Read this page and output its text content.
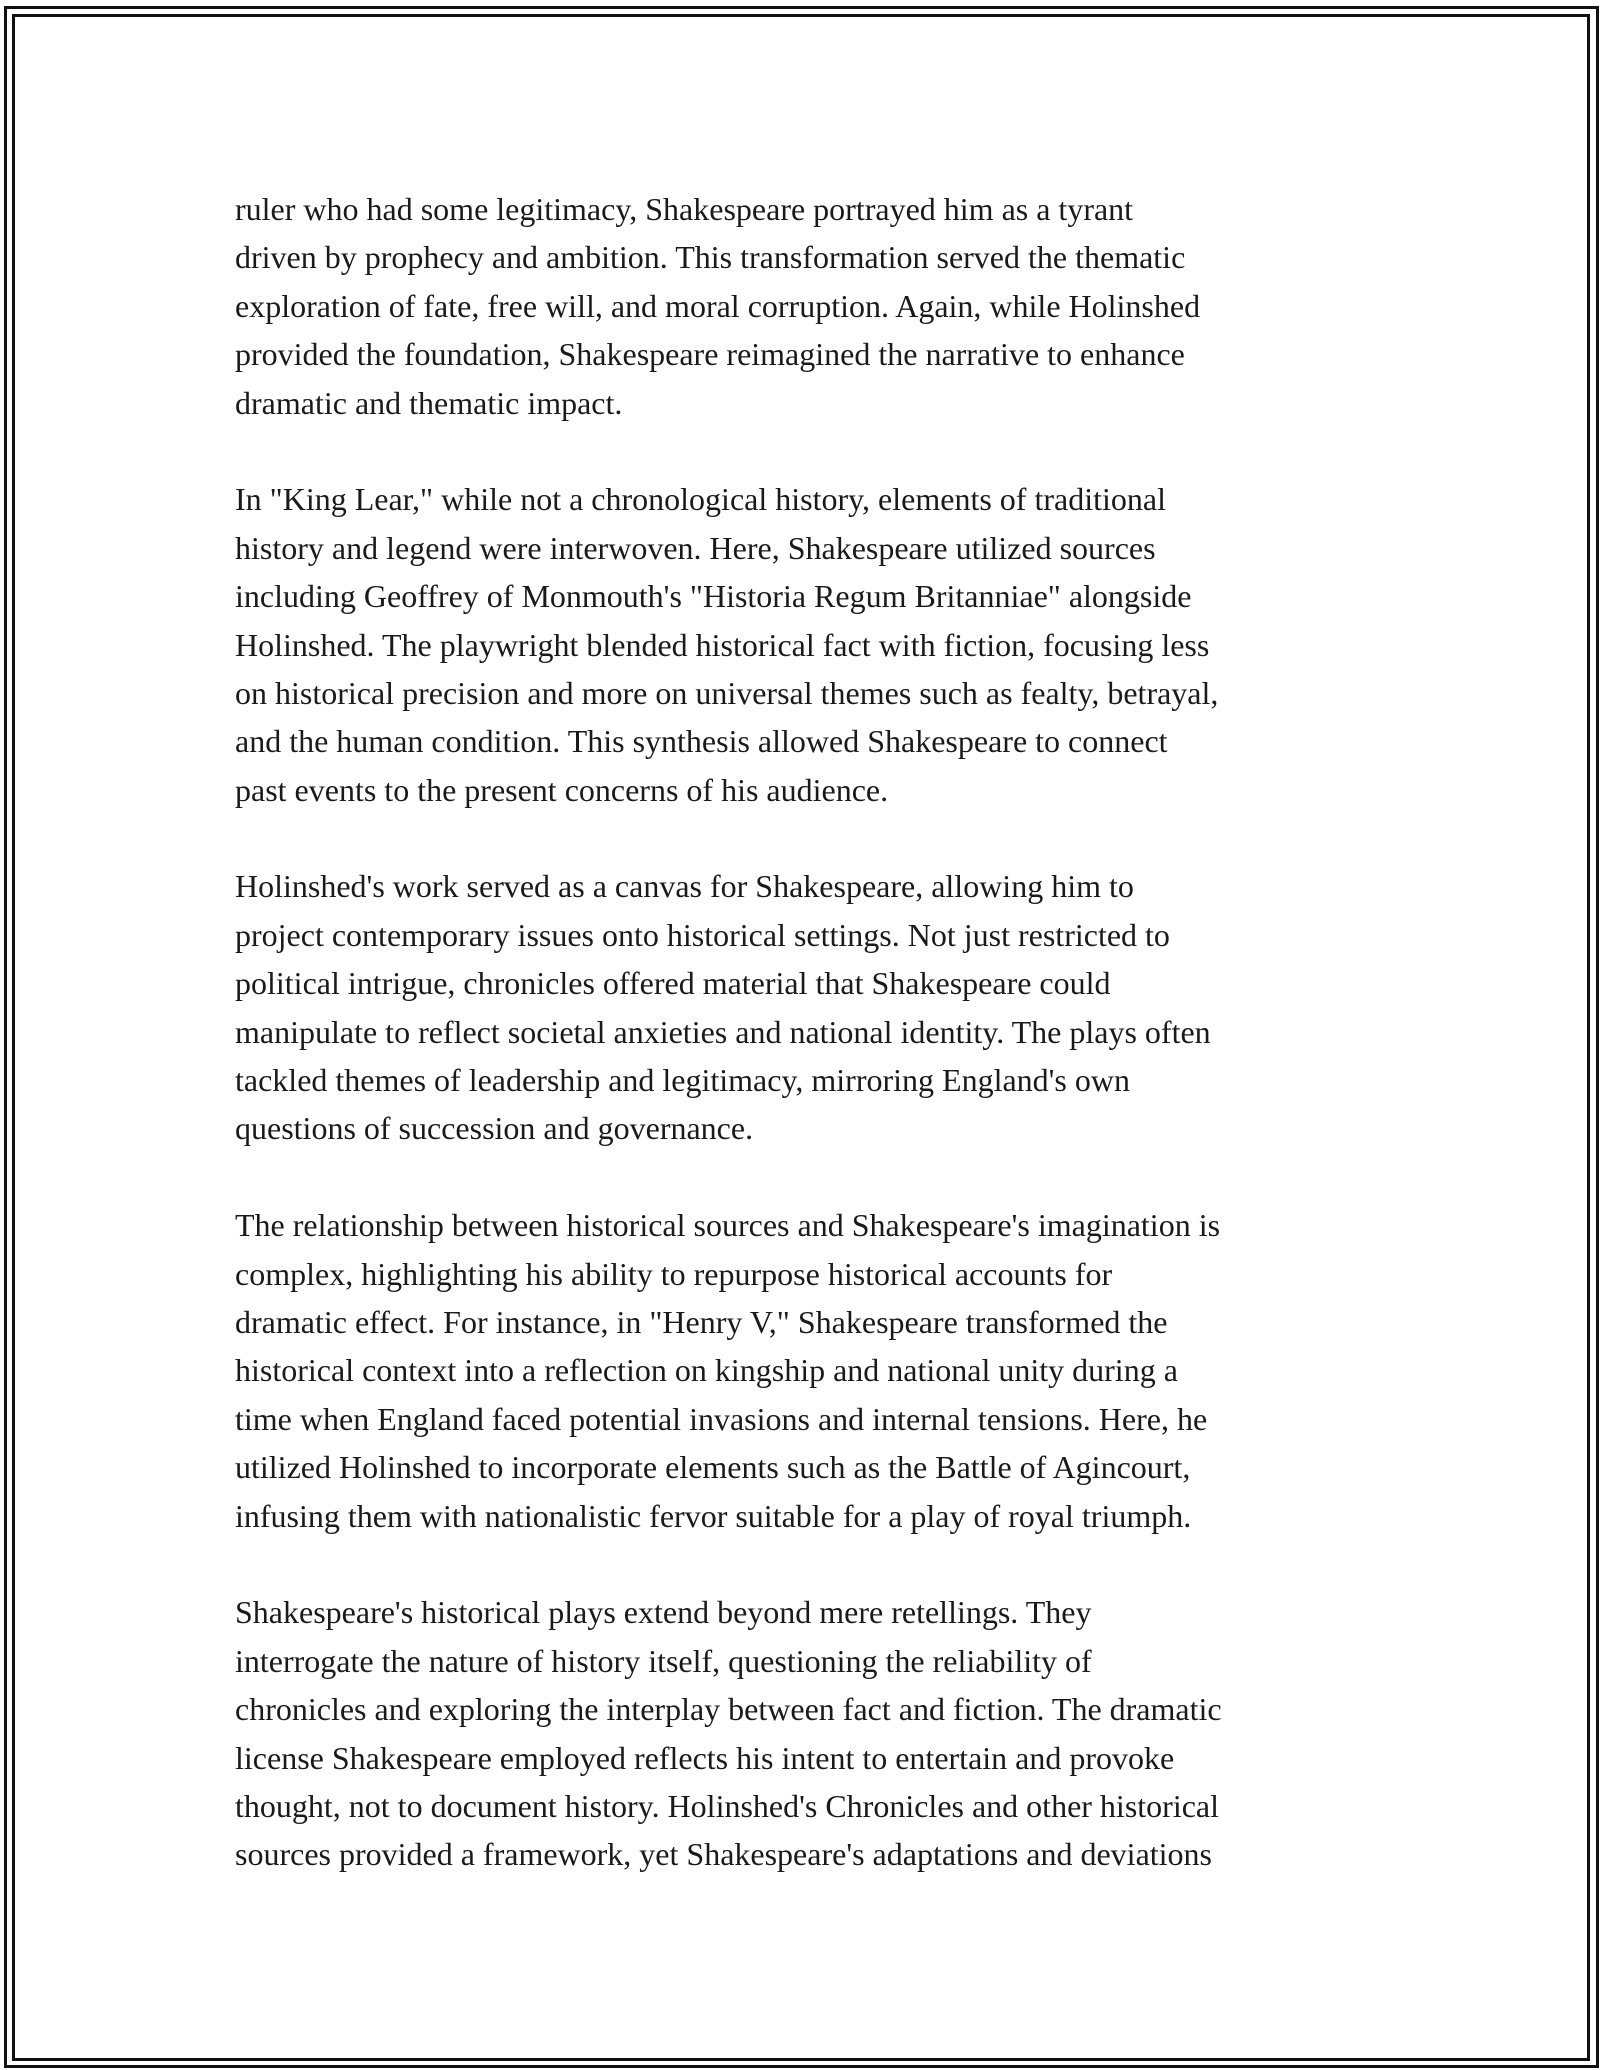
ruler who had some legitimacy, Shakespeare portrayed him as a tyrant
driven by prophecy and ambition. This transformation served the thematic
exploration of fate, free will, and moral corruption. Again, while Holinshed
provided the foundation, Shakespeare reimagined the narrative to enhance
dramatic and thematic impact.

In "King Lear," while not a chronological history, elements of traditional
history and legend were interwoven. Here, Shakespeare utilized sources
including Geoffrey of Monmouth's "Historia Regum Britanniae" alongside
Holinshed. The playwright blended historical fact with fiction, focusing less
on historical precision and more on universal themes such as fealty, betrayal,
and the human condition. This synthesis allowed Shakespeare to connect
past events to the present concerns of his audience.

Holinshed's work served as a canvas for Shakespeare, allowing him to
project contemporary issues onto historical settings. Not just restricted to
political intrigue, chronicles offered material that Shakespeare could
manipulate to reflect societal anxieties and national identity. The plays often
tackled themes of leadership and legitimacy, mirroring England's own
questions of succession and governance.

The relationship between historical sources and Shakespeare's imagination is
complex, highlighting his ability to repurpose historical accounts for
dramatic effect. For instance, in "Henry V," Shakespeare transformed the
historical context into a reflection on kingship and national unity during a
time when England faced potential invasions and internal tensions. Here, he
utilized Holinshed to incorporate elements such as the Battle of Agincourt,
infusing them with nationalistic fervor suitable for a play of royal triumph.

Shakespeare's historical plays extend beyond mere retellings. They
interrogate the nature of history itself, questioning the reliability of
chronicles and exploring the interplay between fact and fiction. The dramatic
license Shakespeare employed reflects his intent to entertain and provoke
thought, not to document history. Holinshed's Chronicles and other historical
sources provided a framework, yet Shakespeare's adaptations and deviations
